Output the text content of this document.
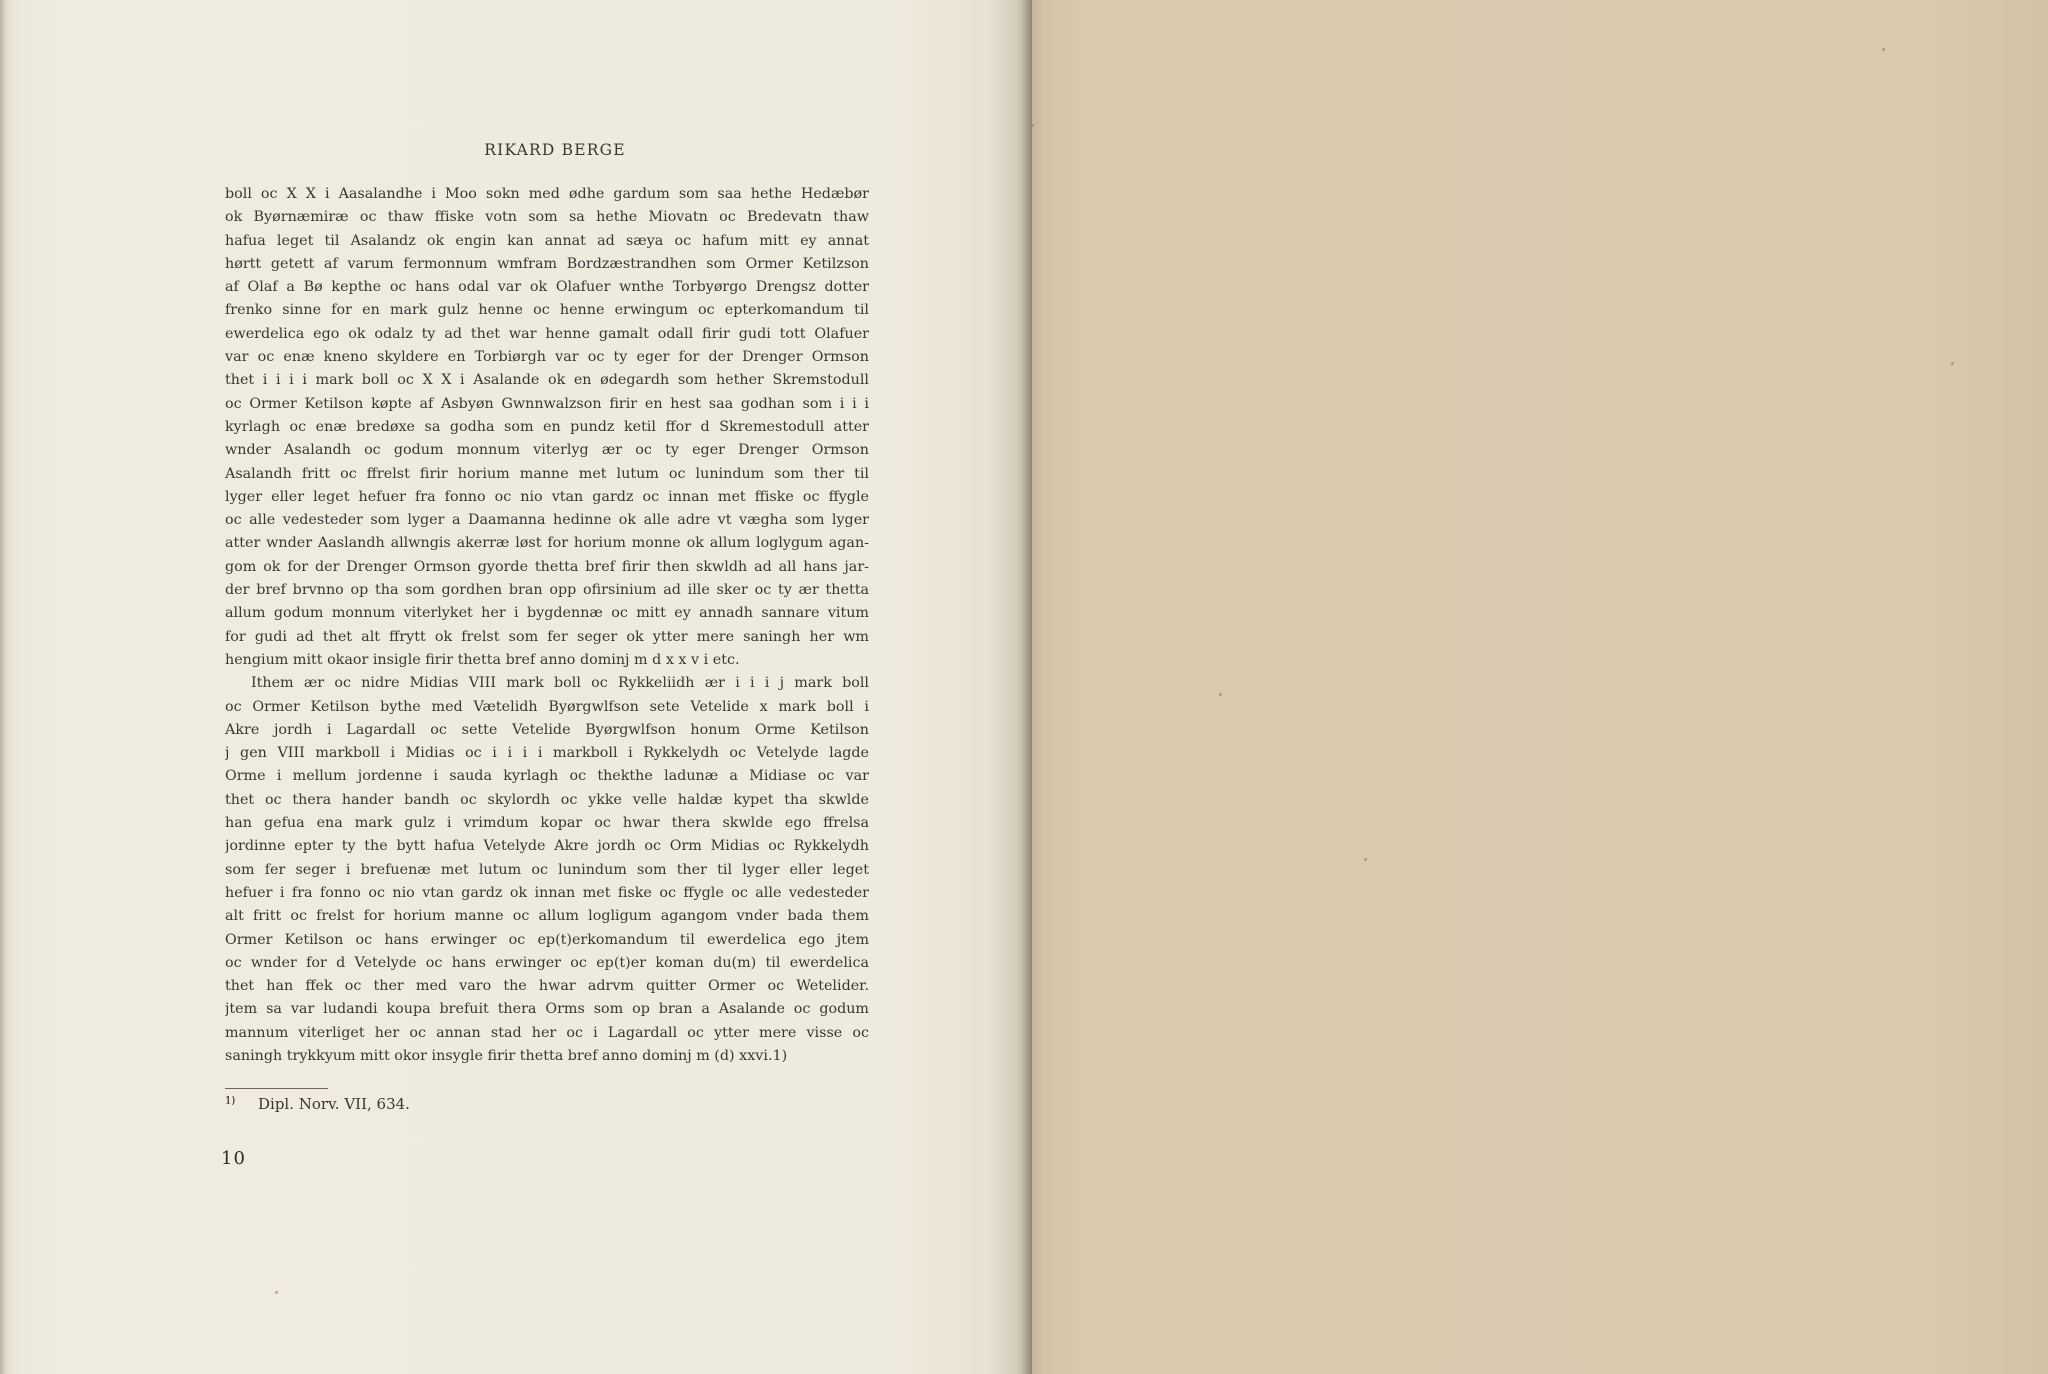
RIKARD BERGE
boll oc X X i Aasalandhe i Moo sokn med ødhe gardum som saa hethe Hedæbør
ok Byørnæmiræ oc thaw ffiske votn som sa hethe Miovatn oc Bredevatn thaw
hafua leget til Asalandz ok engin kan annat ad sæya oc hafum mitt ey annat
hørtt getett af varum fermonnum wmfram Bordzæstrandhen som Ormer Ketilzson
af Olaf a Bø kepthe oc hans odal var ok Olafuer wnthe Torbyørgo Drengsz dotter
frenko sinne for en mark gulz henne oc henne erwingum oc epterkomandum til
ewerdelica ego ok odalz ty ad thet war henne gamalt odall firir gudi tott Olafuer
var oc enæ kneno skyldere en Torbiørgh var oc ty eger for der Drenger Ormson
thet i i i i mark boll oc X X i Asalande ok en ødegardh som hether Skremstodull
oc Ormer Ketilson køpte af Asbyøn Gwnnwalzson firir en hest saa godhan som i i i
kyrlagh oc enæ bredøxe sa godha som en pundz ketil ffor d Skremestodull atter
wnder Asalandh oc godum monnum viterlyg ær oc ty eger Drenger Ormson
Asalandh fritt oc ffrelst firir horium manne met lutum oc lunindum som ther til
lyger eller leget hefuer fra fonno oc nio vtan gardz oc innan met ffiske oc ffygle
oc alle vedesteder som lyger a Daamanna hedinne ok alle adre vt vægha som lyger
atter wnder Aaslandh allwngis akerræ løst for horium monne ok allum loglygum agan-
gom ok for der Drenger Ormson gyorde thetta bref firir then skwldh ad all hans jar-
der bref brvnno op tha som gordhen bran opp ofirsinium ad ille sker oc ty ær thetta
allum godum monnum viterlyket her i bygdennæ oc mitt ey annadh sannare vitum
for gudi ad thet alt ffrytt ok frelst som fer seger ok ytter mere saningh her wm
hengium mitt okaor insigle firir thetta bref anno dominj m d x x v i etc.
Ithem ær oc nidre Midias VIII mark boll oc Rykkeliidh ær i i i j mark boll
oc Ormer Ketilson bythe med Vætelidh Byørgwlfson sete Vetelide x mark boll i
Akre jordh i Lagardall oc sette Vetelide Byørgwlfson honum Orme Ketilson
j gen VIII markboll i Midias oc i i i i markboll i Rykkelydh oc Vetelyde lagde
Orme i mellum jordenne i sauda kyrlagh oc thekthe ladunæ a Midiase oc var
thet oc thera hander bandh oc skylordh oc ykke velle haldæ kypet tha skwlde
han gefua ena mark gulz i vrimdum kopar oc hwar thera skwlde ego ffrelsa
jordinne epter ty the bytt hafua Vetelyde Akre jordh oc Orm Midias oc Rykkelydh
som fer seger i brefuenæ met lutum oc lunindum som ther til lyger eller leget
hefuer i fra fonno oc nio vtan gardz ok innan met fiske oc ffygle oc alle vedesteder
alt fritt oc frelst for horium manne oc allum logligum agangom vnder bada them
Ormer Ketilson oc hans erwinger oc ep(t)erkomandum til ewerdelica ego jtem
oc wnder for d Vetelyde oc hans erwinger oc ep(t)er koman du(m) til ewerdelica
thet han ffek oc ther med varo the hwar adrvm quitter Ormer oc Wetelider.
jtem sa var ludandi koupa brefuit thera Orms som op bran a Asalande oc godum
mannum viterliget her oc annan stad her oc i Lagardall oc ytter mere visse oc
saningh trykkyum mitt okor insygle firir thetta bref anno dominj m (d) xxvi.1)
$^{1)}$ Dipl. Norv. VII, 634.
10
